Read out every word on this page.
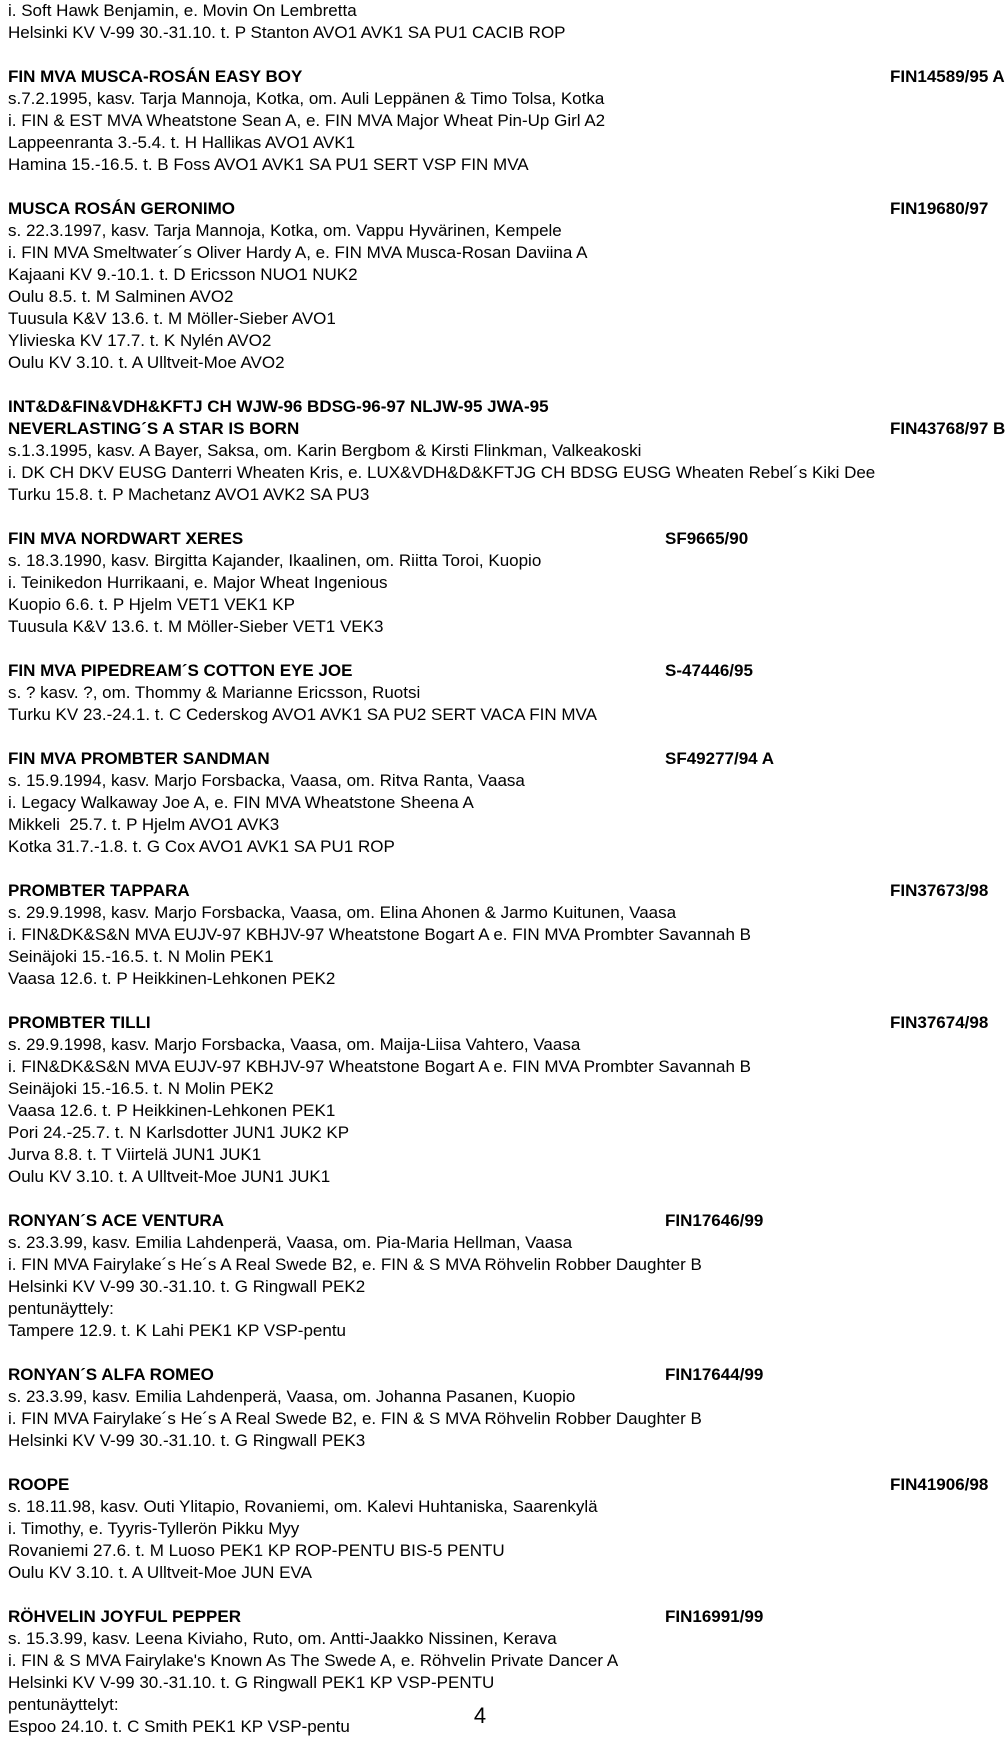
i. Soft Hawk Benjamin, e. Movin On Lembretta
Helsinki KV V-99 30.-31.10. t. P Stanton AVO1 AVK1 SA PU1 CACIB ROP
FIN MVA MUSCA-ROSÁN EASY BOY	FIN14589/95 A
s.7.2.1995, kasv. Tarja Mannoja, Kotka, om. Auli Leppänen & Timo Tolsa, Kotka
i. FIN & EST MVA Wheatstone Sean A, e. FIN MVA Major Wheat Pin-Up Girl A2
Lappeenranta 3.-5.4. t. H Hallikas AVO1 AVK1
Hamina 15.-16.5. t. B Foss AVO1 AVK1 SA PU1 SERT VSP FIN MVA
MUSCA ROSÁN GERONIMO	FIN19680/97
s. 22.3.1997, kasv. Tarja Mannoja, Kotka, om. Vappu Hyvärinen, Kempele
i. FIN MVA Smeltwater´s Oliver Hardy A, e. FIN MVA Musca-Rosan Daviina A
Kajaani KV 9.-10.1. t. D Ericsson NUO1 NUK2
Oulu 8.5. t. M Salminen AVO2
Tuusula K&V 13.6. t. M Möller-Sieber AVO1
Ylivieska KV 17.7. t. K Nylén AVO2
Oulu KV 3.10. t. A Ulltveit-Moe AVO2
INT&D&FIN&VDH&KFTJ CH WJW-96 BDSG-96-97 NLJW-95 JWA-95
NEVERLASTING´S A STAR IS BORN	FIN43768/97 B
s.1.3.1995, kasv. A Bayer, Saksa, om. Karin Bergbom & Kirsti Flinkman, Valkeakoski
i. DK CH DKV EUSG Danterri Wheaten Kris, e. LUX&VDH&D&KFTJG CH BDSG EUSG Wheaten Rebel´s Kiki Dee
Turku 15.8. t. P Machetanz AVO1 AVK2 SA PU3
FIN MVA NORDWART XERES	SF9665/90
s. 18.3.1990, kasv. Birgitta Kajander, Ikaalinen, om. Riitta Toroi, Kuopio
i. Teinikedon Hurrikaani, e. Major Wheat Ingenious
Kuopio 6.6. t. P Hjelm VET1 VEK1 KP
Tuusula K&V 13.6. t. M Möller-Sieber VET1 VEK3
FIN MVA PIPEDREAM´S COTTON EYE JOE	S-47446/95
s. ? kasv. ?, om. Thommy & Marianne Ericsson, Ruotsi
Turku KV 23.-24.1. t. C Cederskog AVO1 AVK1 SA PU2 SERT VACA FIN MVA
FIN MVA PROMBTER SANDMAN	SF49277/94 A
s. 15.9.1994, kasv. Marjo Forsbacka, Vaasa, om. Ritva Ranta, Vaasa
i. Legacy Walkaway Joe A, e. FIN MVA Wheatstone Sheena A
Mikkeli  25.7. t. P Hjelm AVO1 AVK3
Kotka 31.7.-1.8. t. G Cox AVO1 AVK1 SA PU1 ROP
PROMBTER TAPPARA	FIN37673/98
s. 29.9.1998, kasv. Marjo Forsbacka, Vaasa, om. Elina Ahonen & Jarmo Kuitunen, Vaasa
i. FIN&DK&S&N MVA EUJV-97 KBHJV-97 Wheatstone Bogart A e. FIN MVA Prombter Savannah B
Seinäjoki 15.-16.5. t. N Molin PEK1
Vaasa 12.6. t. P Heikkinen-Lehkonen PEK2
PROMBTER TILLI	FIN37674/98
s. 29.9.1998, kasv. Marjo Forsbacka, Vaasa, om. Maija-Liisa Vahtero, Vaasa
i. FIN&DK&S&N MVA EUJV-97 KBHJV-97 Wheatstone Bogart A e. FIN MVA Prombter Savannah B
Seinäjoki 15.-16.5. t. N Molin PEK2
Vaasa 12.6. t. P Heikkinen-Lehkonen PEK1
Pori 24.-25.7. t. N Karlsdotter JUN1 JUK2 KP
Jurva 8.8. t. T Viirtelä JUN1 JUK1
Oulu KV 3.10. t. A Ulltveit-Moe JUN1 JUK1
RONYAN´S ACE VENTURA	FIN17646/99
s. 23.3.99, kasv. Emilia Lahdenperä, Vaasa, om. Pia-Maria Hellman, Vaasa
i. FIN MVA Fairylake´s He´s A Real Swede B2, e. FIN & S MVA Röhvelin Robber Daughter B
Helsinki KV V-99 30.-31.10. t. G Ringwall PEK2
pentunäyttely:
Tampere 12.9. t. K Lahi PEK1 KP VSP-pentu
RONYAN´S ALFA ROMEO	FIN17644/99
s. 23.3.99, kasv. Emilia Lahdenperä, Vaasa, om. Johanna Pasanen, Kuopio
i. FIN MVA Fairylake´s He´s A Real Swede B2, e. FIN & S MVA Röhvelin Robber Daughter B
Helsinki KV V-99 30.-31.10. t. G Ringwall PEK3
ROOPE	FIN41906/98
s. 18.11.98, kasv. Outi Ylitapio, Rovaniemi, om. Kalevi Huhtaniska, Saarenkylä
i. Timothy, e. Tyyris-Tyllerön Pikku Myy
Rovaniemi 27.6. t. M Luoso PEK1 KP ROP-PENTU BIS-5 PENTU
Oulu KV 3.10. t. A Ulltveit-Moe JUN EVA
RÖHVELIN JOYFUL PEPPER	FIN16991/99
s. 15.3.99, kasv. Leena Kiviaho, Ruto, om. Antti-Jaakko Nissinen, Kerava
i. FIN & S MVA Fairylake's Known As The Swede A, e. Röhvelin Private Dancer A
Helsinki KV V-99 30.-31.10. t. G Ringwall PEK1 KP VSP-PENTU
pentunäyttelyt:
Espoo 24.10. t. C Smith PEK1 KP VSP-pentu	4
